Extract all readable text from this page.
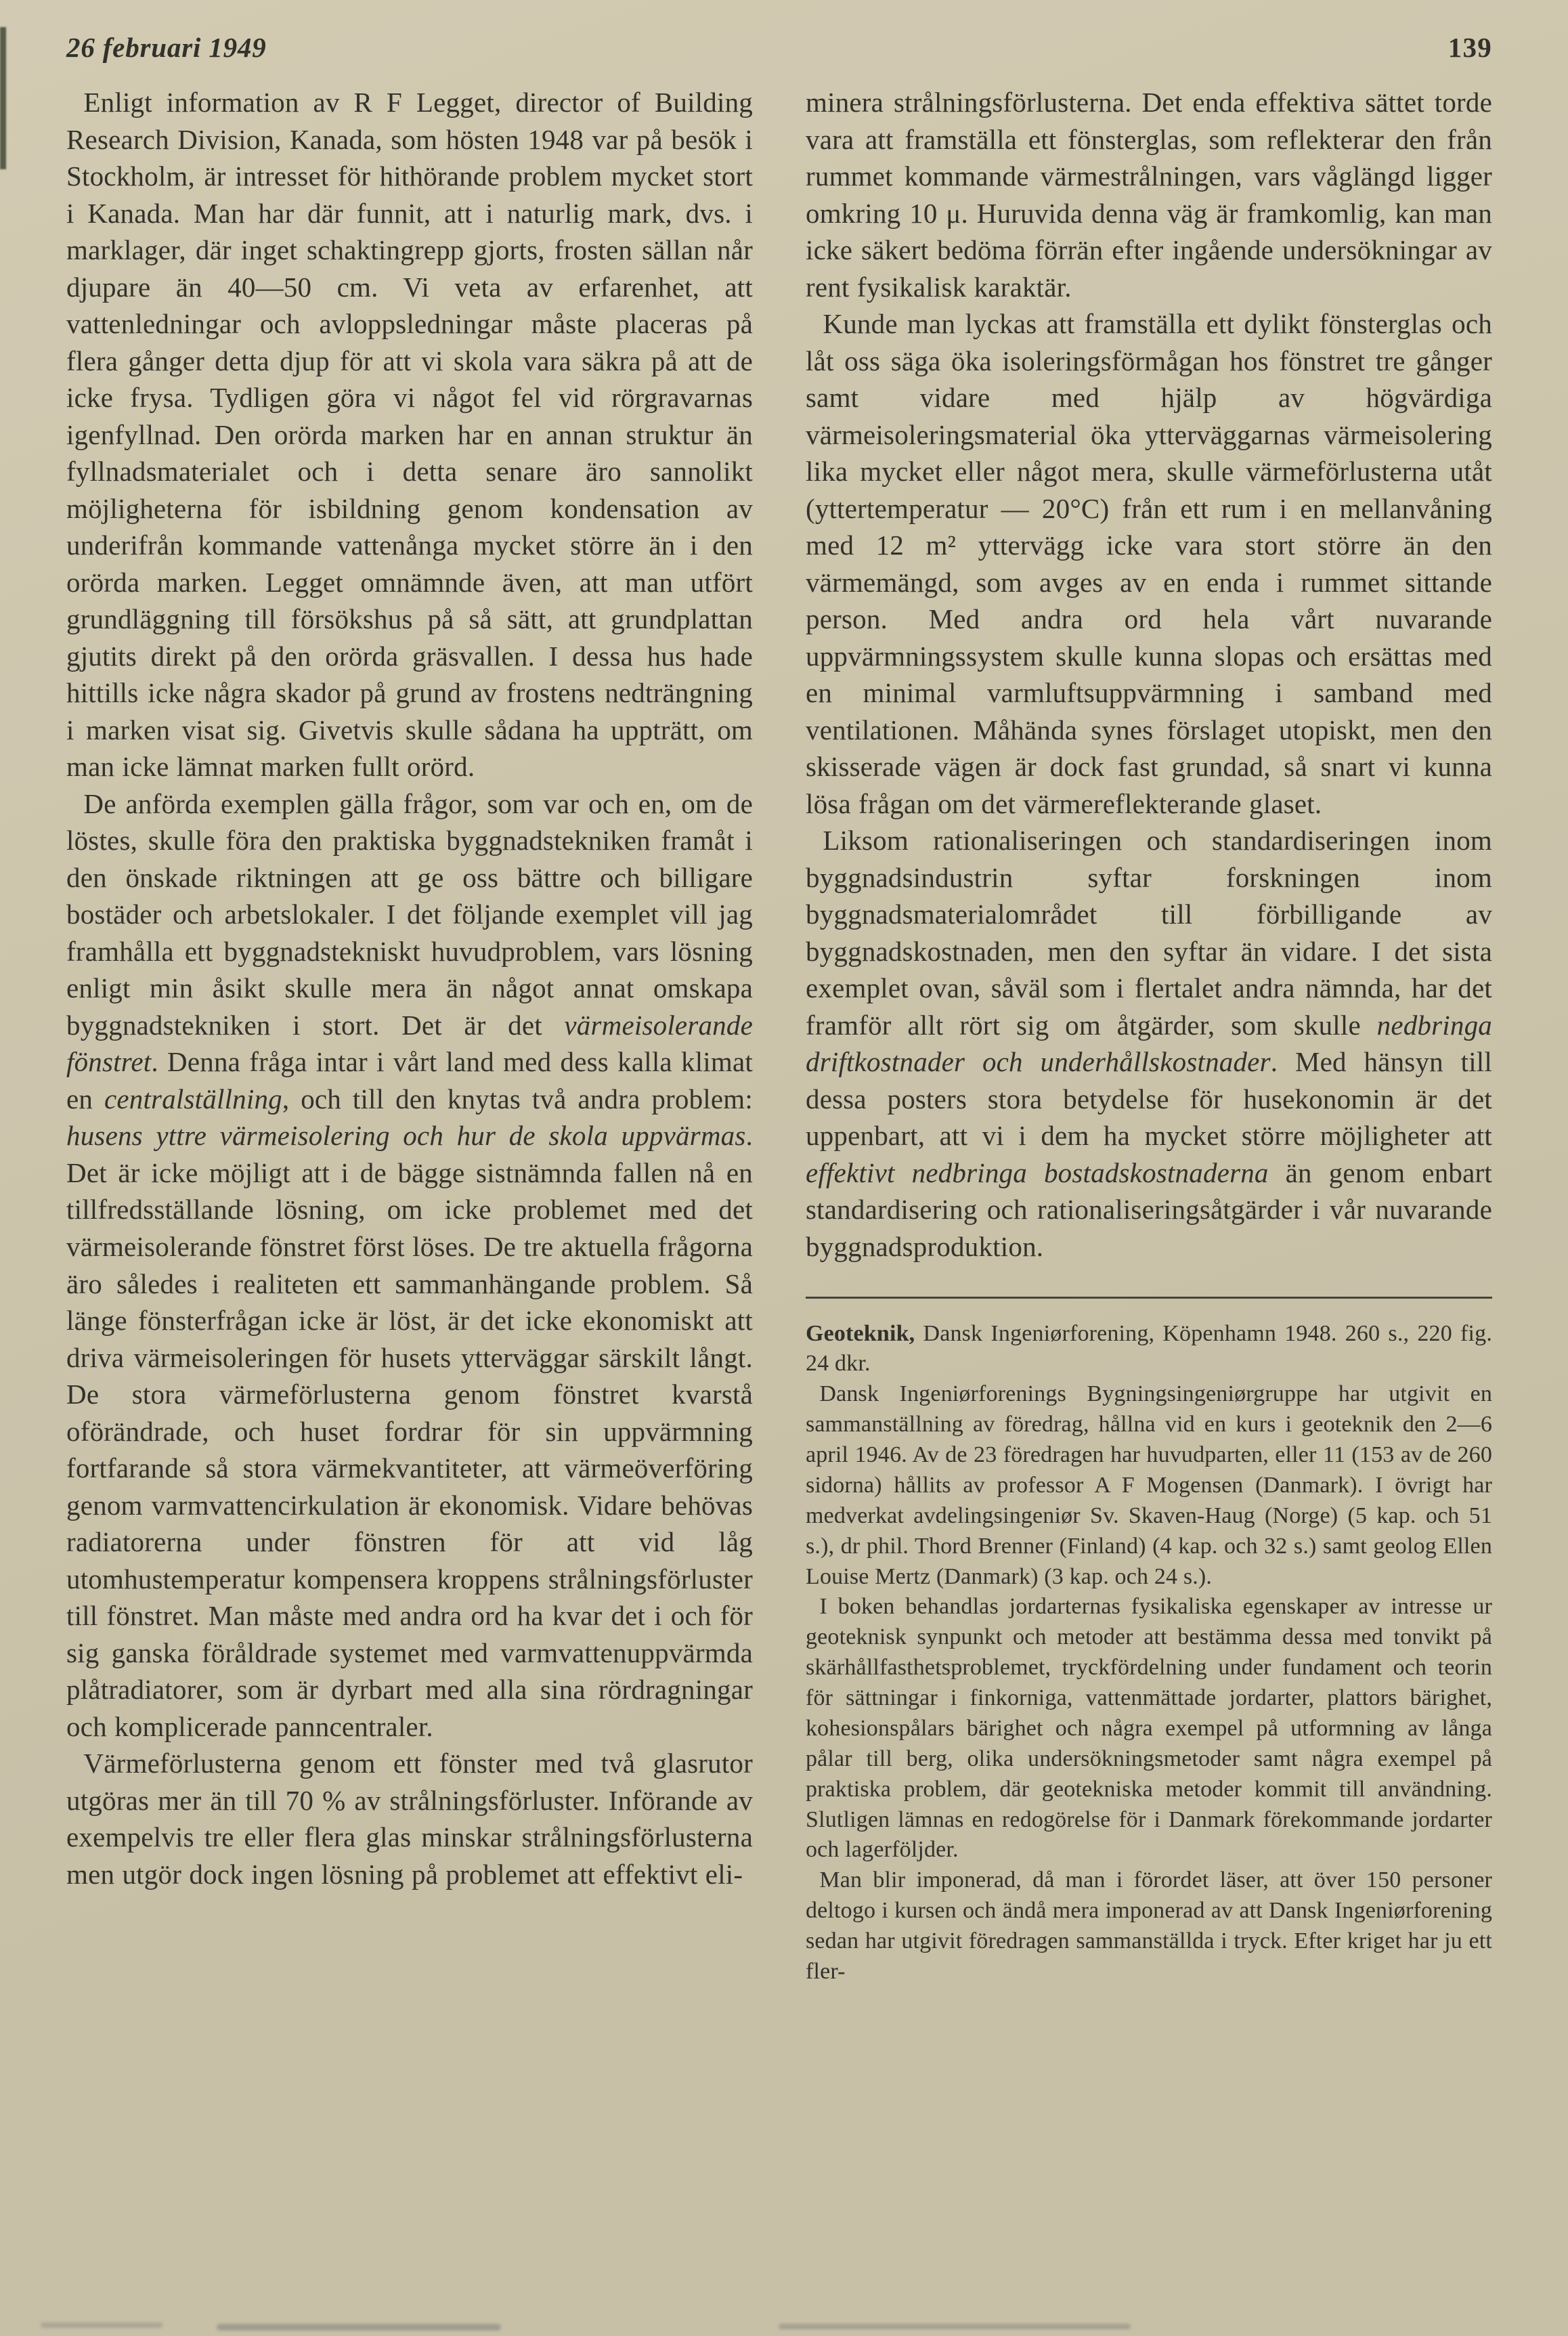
26 februari 1949	139

Enligt information av R F Legget, director of Building Research Division, Kanada, som hösten 1948 var på besök i Stockholm, är intresset för hithörande problem mycket stort i Kanada. Man har där funnit, att i naturlig mark, dvs. i marklager, där inget schaktingrepp gjorts, frosten sällan når djupare än 40—50 cm. Vi veta av erfarenhet, att vattenledningar och avloppsledningar måste placeras på flera gånger detta djup för att vi skola vara säkra på att de icke frysa. Tydligen göra vi något fel vid rörgravarnas igenfyllnad. Den orörda marken har en annan struktur än fyllnadsmaterialet och i detta senare äro sannolikt möjligheterna för isbildning genom kondensation av underifrån kommande vattenånga mycket större än i den orörda marken. Legget omnämnde även, att man utfört grundläggning till försökshus på så sätt, att grundplattan gjutits direkt på den orörda gräsvallen. I dessa hus hade hittills icke några skador på grund av frostens nedträngning i marken visat sig. Givetvis skulle sådana ha uppträtt, om man icke lämnat marken fullt orörd.

De anförda exemplen gälla frågor, som var och en, om de löstes, skulle föra den praktiska byggnadstekniken framåt i den önskade riktningen att ge oss bättre och billigare bostäder och arbetslokaler. I det följande exemplet vill jag framhålla ett byggnadstekniskt huvudproblem, vars lösning enligt min åsikt skulle mera än något annat omskapa byggnadstekniken i stort. Det är det värmeisolerande fönstret. Denna fråga intar i vårt land med dess kalla klimat en centralställning, och till den knytas två andra problem: husens yttre värmeisolering och hur de skola uppvärmas. Det är icke möjligt att i de bägge sistnämnda fallen nå en tillfredsställande lösning, om icke problemet med det värmeisolerande fönstret först löses. De tre aktuella frågorna äro således i realiteten ett sammanhängande problem. Så länge fönsterfrågan icke är löst, är det icke ekonomiskt att driva värmeisoleringen för husets ytterväggar särskilt långt. De stora värmeförlusterna genom fönstret kvarstå oförändrade, och huset fordrar för sin uppvärmning fortfarande så stora värmekvantiteter, att värmeöverföring genom varmvattencirkulation är ekonomisk. Vidare behövas radiatorerna under fönstren för att vid låg utomhustemperatur kompensera kroppens strålningsförluster till fönstret. Man måste med andra ord ha kvar det i och för sig ganska föråldrade systemet med varmvattenuppvärmda plåtradiatorer, som är dyrbart med alla sina rördragningar och komplicerade panncentraler.

Värmeförlusterna genom ett fönster med två glasrutor utgöras mer än till 70 % av strålningsförluster. Införande av exempelvis tre eller flera glas minskar strålningsförlusterna men utgör dock ingen lösning på problemet att effektivt eli-

minera strålningsförlusterna. Det enda effektiva sättet torde vara att framställa ett fönsterglas, som reflekterar den från rummet kommande värmestrålningen, vars våglängd ligger omkring 10 μ. Huruvida denna väg är framkomlig, kan man icke säkert bedöma förrän efter ingående undersökningar av rent fysikalisk karaktär.

Kunde man lyckas att framställa ett dylikt fönsterglas och låt oss säga öka isoleringsförmågan hos fönstret tre gånger samt vidare med hjälp av högvärdiga värmeisoleringsmaterial öka ytterväggarnas värmeisolering lika mycket eller något mera, skulle värmeförlusterna utåt (yttertemperatur — 20°C) från ett rum i en mellanvåning med 12 m² yttervägg icke vara stort större än den värmemängd, som avges av en enda i rummet sittande person. Med andra ord hela vårt nuvarande uppvärmningssystem skulle kunna slopas och ersättas med en minimal varmluftsuppvärmning i samband med ventilationen. Måhända synes förslaget utopiskt, men den skisserade vägen är dock fast grundad, så snart vi kunna lösa frågan om det värmereflekterande glaset.

Liksom rationaliseringen och standardiseringen inom byggnadsindustrin syftar forskningen inom byggnadsmaterialområdet till förbilligande av byggnadskostnaden, men den syftar än vidare. I det sista exemplet ovan, såväl som i flertalet andra nämnda, har det framför allt rört sig om åtgärder, som skulle nedbringa driftkostnader och underhållskostnader. Med hänsyn till dessa posters stora betydelse för husekonomin är det uppenbart, att vi i dem ha mycket större möjligheter att effektivt nedbringa bostadskostnaderna än genom enbart standardisering och rationaliseringsåtgärder i vår nuvarande byggnadsproduktion.

Geoteknik, Dansk Ingeniørforening, Köpenhamn 1948. 260 s., 220 fig. 24 dkr.

Dansk Ingeniørforenings Bygningsingeniørgruppe har utgivit en sammanställning av föredrag, hållna vid en kurs i geoteknik den 2—6 april 1946. Av de 23 föredragen har huvudparten, eller 11 (153 av de 260 sidorna) hållits av professor A F Mogensen (Danmark). I övrigt har medverkat avdelingsingeniør Sv. Skaven-Haug (Norge) (5 kap. och 51 s.), dr phil. Thord Brenner (Finland) (4 kap. och 32 s.) samt geolog Ellen Louise Mertz (Danmark) (3 kap. och 24 s.).

I boken behandlas jordarternas fysikaliska egenskaper av intresse ur geoteknisk synpunkt och metoder att bestämma dessa med tonvikt på skärhållfasthetsproblemet, tryckfördelning under fundament och teorin för sättningar i finkorniga, vattenmättade jordarter, plattors bärighet, kohesionspålars bärighet och några exempel på utformning av långa pålar till berg, olika undersökningsmetoder samt några exempel på praktiska problem, där geotekniska metoder kommit till användning. Slutligen lämnas en redogörelse för i Danmark förekommande jordarter och lagerföljder.

Man blir imponerad, då man i förordet läser, att över 150 personer deltogo i kursen och ändå mera imponerad av att Dansk Ingeniørforening sedan har utgivit föredragen sammanställda i tryck. Efter kriget har ju ett fler-
